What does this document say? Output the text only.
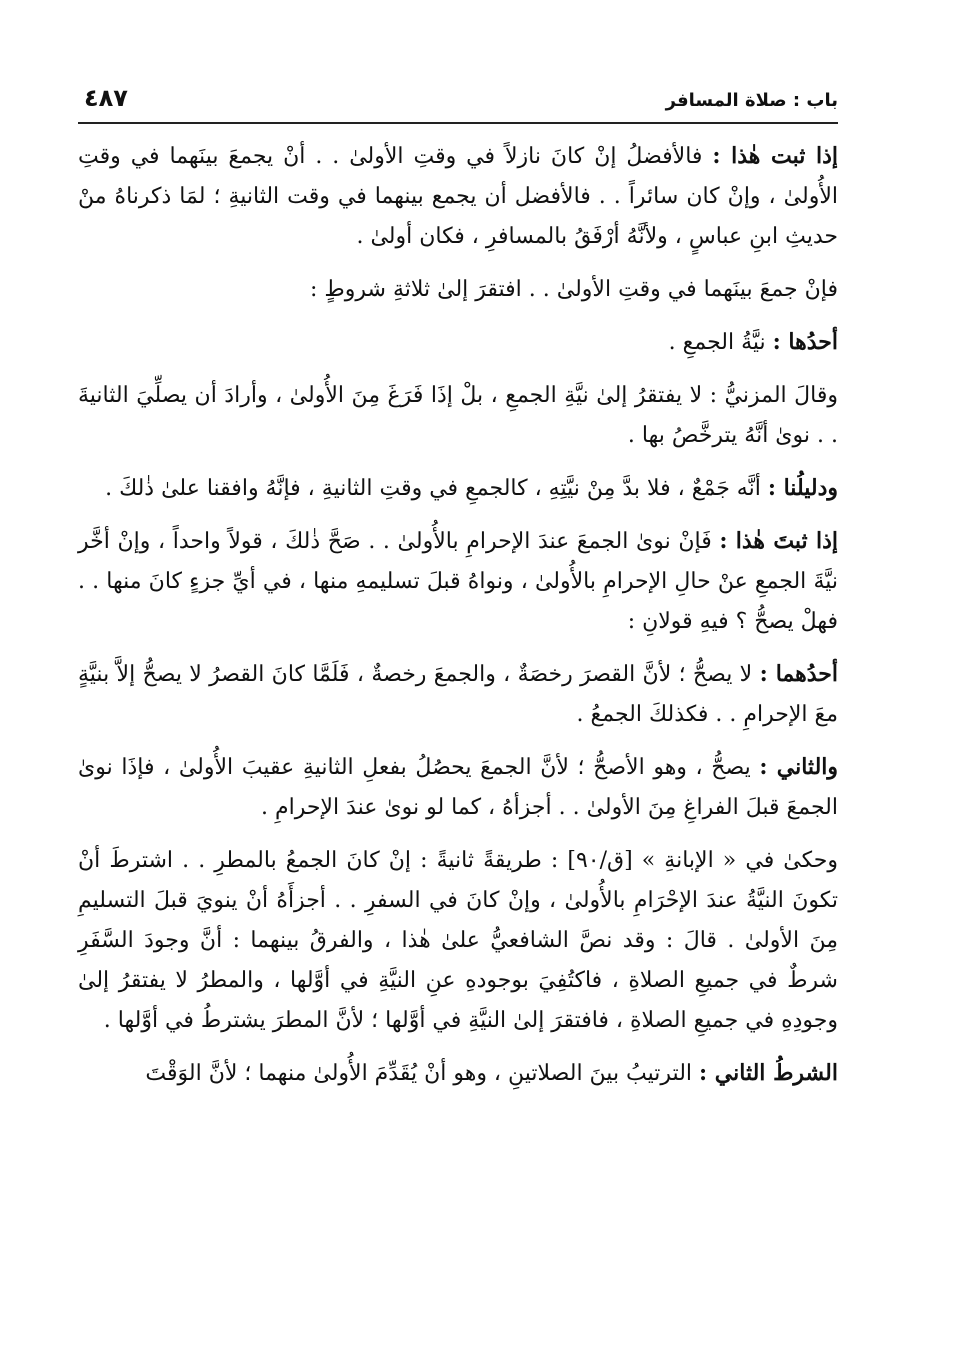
باب : صلاة المسافر
٤٨٧

إذا ثبت هٰذا : فالأفضلُ إنْ كانَ نازلاً في وقتِ الأولىٰ . . أنْ يجمعَ بينَهما في وقتِ الأُولىٰ ، وإنْ كان سائراً . . فالأفضل أن يجمع بينهما في وقت الثانيةِ ؛ لمَا ذكرناهُ منْ حديثِ ابنِ عباسٍ ، ولأنَّهُ أرْفَقُ بالمسافرِ ، فكان أولىٰ .

فإنْ جمعَ بينَهما في وقتِ الأولىٰ . . افتقرَ إلىٰ ثلاثةِ شروطٍ :

أحدُها : نيَّةُ الجمعِ .

وقالَ المزنيُّ : لا يفتقرُ إلىٰ نيَّةِ الجمعِ ، بلْ إذَا فَرَغَ مِنَ الأُولىٰ ، وأرادَ أن يصلِّيَ الثانيةَ . . نوىٰ أنَّهُ يترخَّصُ بها .

ودليلُنا : أنَّه جَمْعٌ ، فلا بدَّ مِنْ نيَّتِهِ ، كالجمعِ في وقتِ الثانيةِ ، فإنَّهُ وافقنا علىٰ ذٰلكَ .

إذا ثبتَ هٰذا : فَإنْ نوىٰ الجمعَ عندَ الإحرامِ بالأُولىٰ . . صَحَّ ذٰلكَ ، قولاً واحداً ، وإنْ أخَّر نيَّةَ الجمعِ عنْ حالِ الإحرامِ بالأُولىٰ ، ونواهُ قبلَ تسليمهِ منها ، في أيِّ جزءٍ كانَ منها . . فهلْ يصحُّ ؟ فيهِ قولانِ :

أحدُهما : لا يصحُّ ؛ لأنَّ القصرَ رخصَةٌ ، والجمعَ رخصةٌ ، فَلَمَّا كانَ القصرُ لا يصحُّ إلاَّ بنيَّةٍ معَ الإحرامِ . . فكذلكَ الجمعُ .

والثاني : يصحُّ ، وهو الأصحُّ ؛ لأنَّ الجمعَ يحصُلُ بفعلِ الثانيةِ عقيبَ الأُولىٰ ، فإذَا نوىٰ الجمعَ قبلَ الفراغِ مِنَ الأولىٰ . . أجزأهُ ، كما لو نوىٰ عندَ الإحرامِ .

وحكىٰ في « الإبانةِ » [ق/٩٠] : طريقةً ثانيةً : إنْ كانَ الجمعُ بالمطرِ . . اشترطَ أنْ تكونَ النيَّةُ عندَ الإحْرَامِ بالأُولىٰ ، وإنْ كانَ في السفرِ . . أجزأَهُ أنْ ينويَ قبلَ التسليمِ مِنَ الأولىٰ . قالَ : وقد نصَّ الشافعيُّ علىٰ هٰذا ، والفرقُ بينهما : أنَّ وجودَ السَّفَرِ شرطٌ في جميعِ الصلاةِ ، فاكتُفِيَ بوجودهِ عنِ النيَّةِ في أوَّلها ، والمطرُ لا يفتقرُ إلىٰ وجودِهِ في جميعِ الصلاةِ ، فافتقرَ إلىٰ النيَّةِ في أوَّلها ؛ لأنَّ المطرَ يشترطُ في أوَّلها .

الشرطُ الثاني : الترتيبُ بينَ الصلاتينِ ، وهو أنْ يُقَدِّمَ الأُولىٰ منهما ؛ لأنَّ الوَقْتَ
